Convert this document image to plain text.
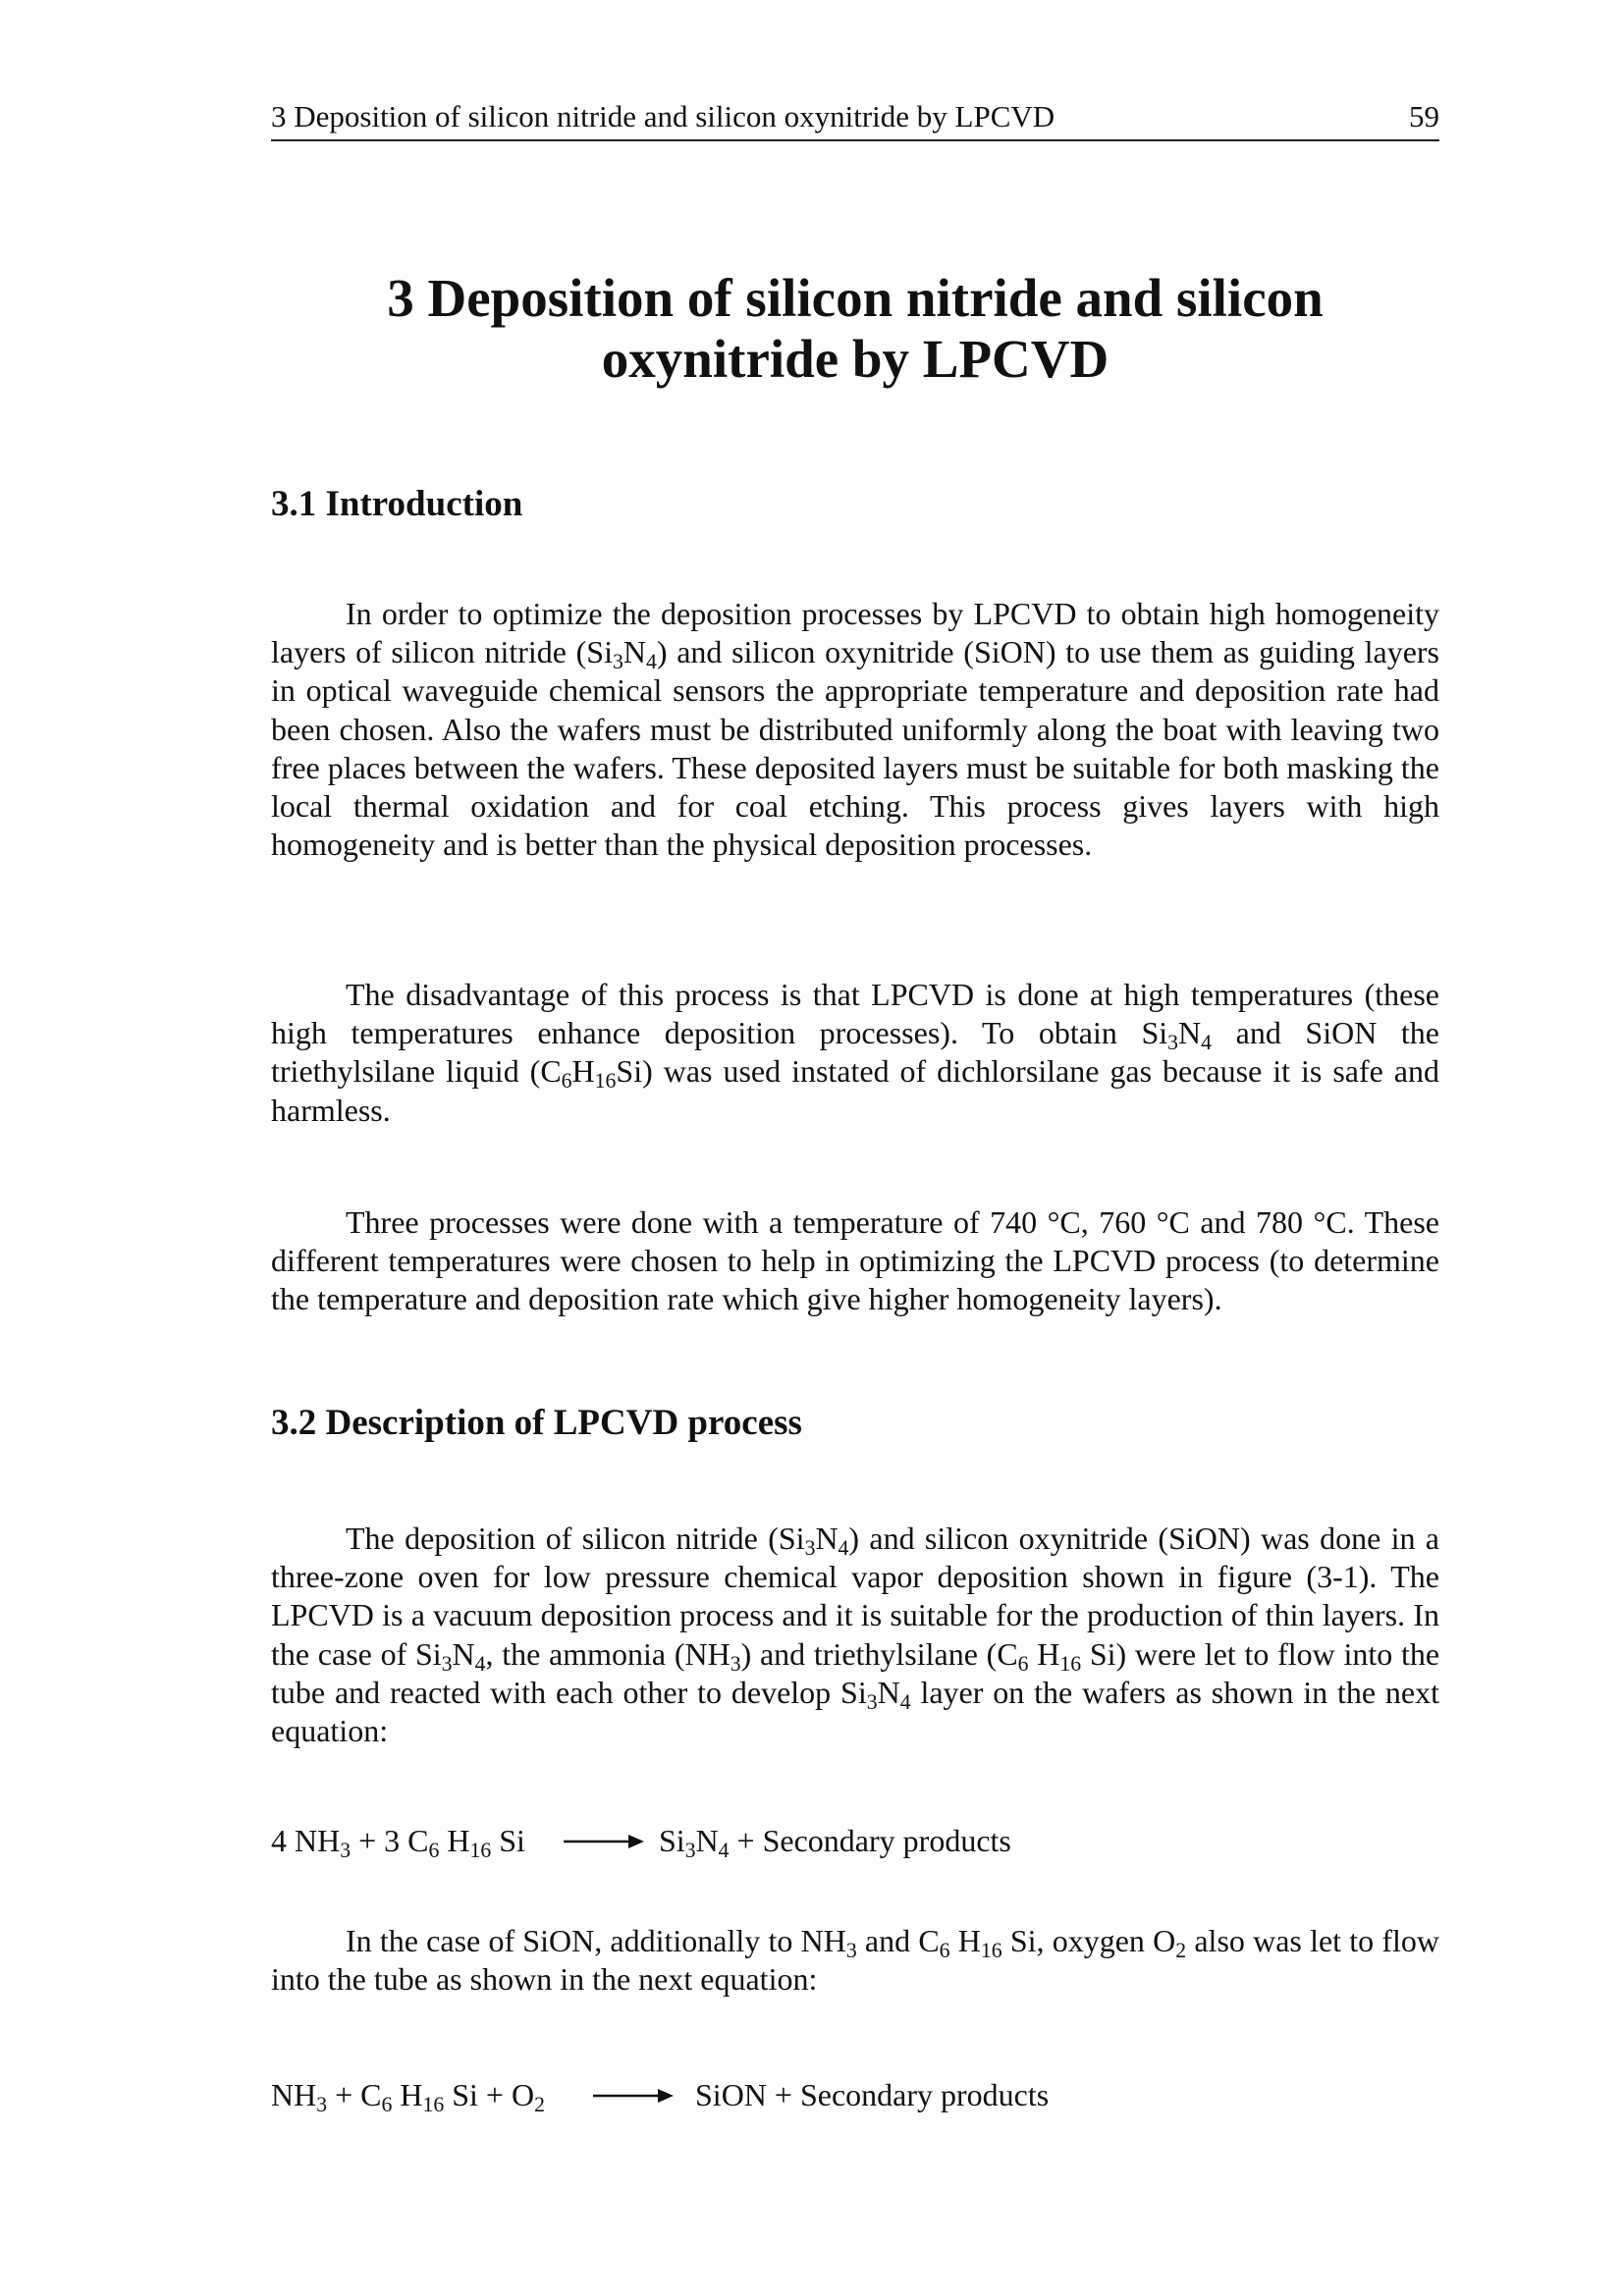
3 Deposition of silicon nitride and silicon oxynitride by LPCVD	59
3 Deposition of silicon nitride and silicon
oxynitride by LPCVD
3.1 Introduction

In order to optimize the deposition processes by LPCVD to obtain high homogeneity layers of silicon nitride $(Si_3N_4)$ and silicon oxynitride (SiON) to use them as guiding layers in optical waveguide chemical sensors the appropriate temperature and deposition rate had been chosen. Also the wafers must be distributed uniformly along the boat with leaving two free places between the wafers. These deposited layers must be suitable for both masking the local thermal oxidation and for coal etching. This process gives layers with high homogeneity and is better than the physical deposition processes.

The disadvantage of this process is that LPCVD is done at high temperatures (these high temperatures enhance deposition processes). To obtain $Si_3N_4$ and SiON the triethylsilane liquid $(C_6H_{16}Si)$ was used instated of dichlorsilane gas because it is safe and harmless.

Three processes were done with a temperature of 740 °C, 760 °C and 780 °C. These different temperatures were chosen to help in optimizing the LPCVD process (to determine the temperature and deposition rate which give higher homogeneity layers).

3.2 Description of LPCVD process

The deposition of silicon nitride $(Si_3N_4)$ and silicon oxynitride (SiON) was done in a three-zone oven for low pressure chemical vapor deposition shown in figure (3-1). The LPCVD is a vacuum deposition process and it is suitable for the production of thin layers. In the case of $Si_3N_4$, the ammonia $(NH_3)$ and triethylsilane ($C_6$ $H_{16}$ Si) were let to flow into the tube and reacted with each other to develop $Si_3N_4$ layer on the wafers as shown in the next equation:

4 $NH_3 + 3$ $C_6$ $H_{16}$ $Si \to Si_3N_4$ + Secondary products

In the case of SiON, additionally to $NH_3$ and $C_6$ $H_{16}$ Si, oxygen $O_2$ also was let to flow into the tube as shown in the next equation:

$NH_3 + C_6$ $H_{16}$ $Si + O_2$ → SiON + Secondary products
